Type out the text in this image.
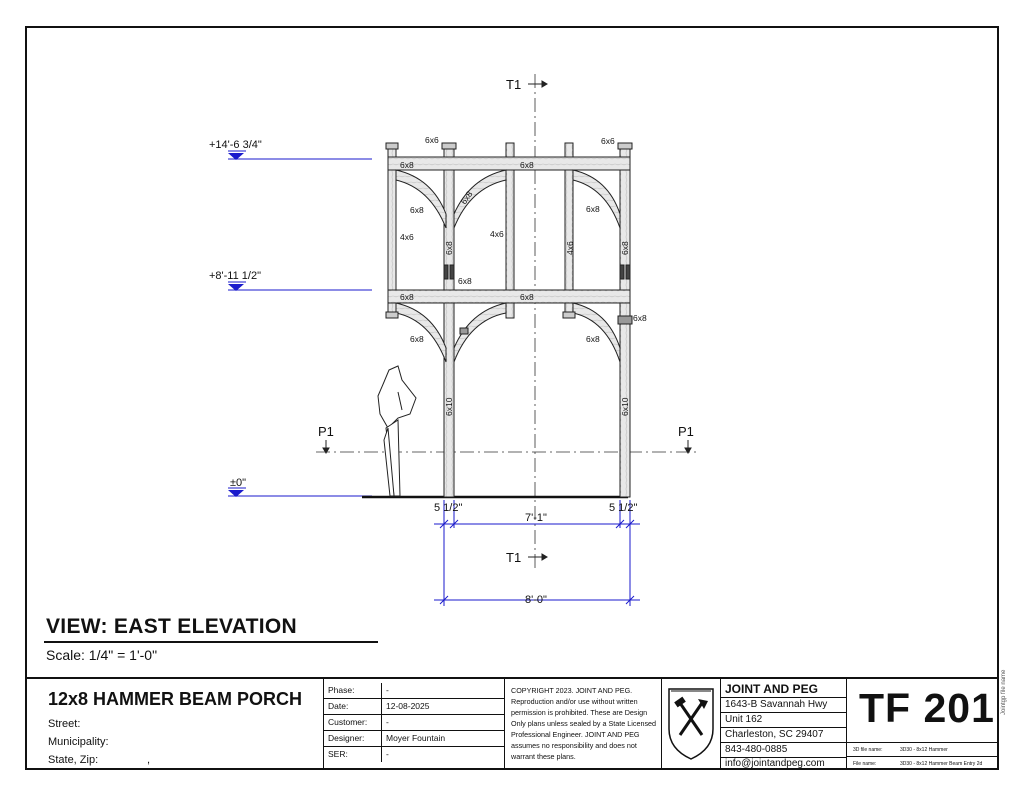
T1
T1
P1	P1
+14'-6 3/4"
+8'-11 1/2"
±0"
6x6	6x6
6x8	6x8
6x8
6x8
6x8
4x6	4x6
4x6
6x8	6x8
6x8
6x8	6x8
6x8
6x8	6x8
6x10	6x10
5 1/2"
7'-1"
5 1/2"
8'-0"
VIEW: EAST ELEVATION
Scale: 1/4" = 1'-0"
12x8 HAMMER BEAM PORCH
Street:
Municipality:
State, Zip:	,
Phase:	-
Date:	12-08-2025
Customer: -
Designer:	Moyer Fountain
SER:	-
COPYRIGHT 2023. JOINT AND PEG. Reproduction and/or use without written permission is prohibited. These are Design Only plans unless sealed by a State Licensed Professional Engineer. JOINT AND PEG assumes no responsibility and does not warrant these plans.
JOINT AND PEG
1643-B Savannah Hwy
Unit 162
Charleston, SC 29407
843-480-0885
info@jointandpeg.com
TF 201
3D file name:	3D30 - 8x12 Hammer
File name:	3D30 - 8x12 Hammer Beam Entry 2d
Jointgp file name
